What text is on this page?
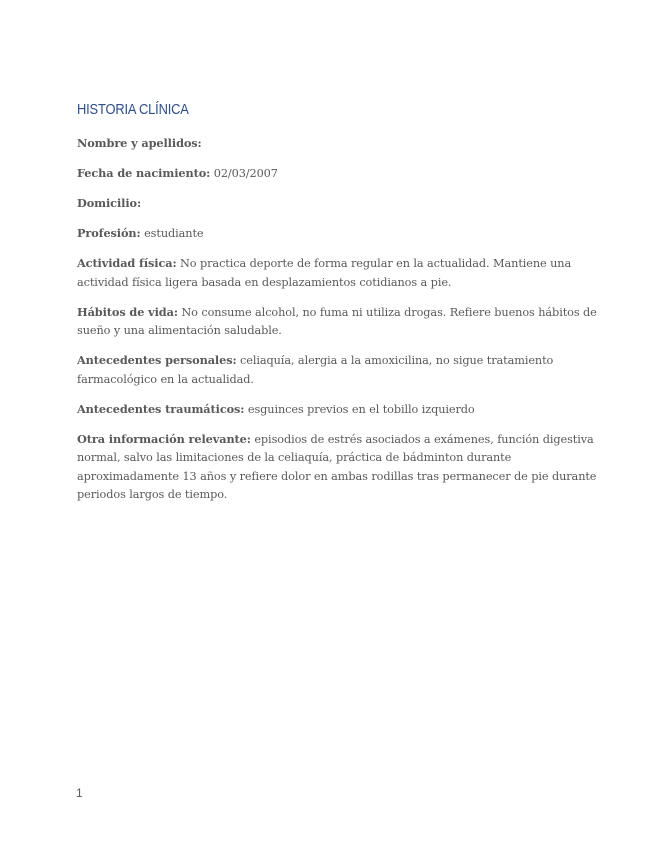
HISTORIA CLÍNICA

Nombre y apellidos:

Fecha de nacimiento: 02/03/2007

Domicilio:

Profesión: estudiante

Actividad física: No practica deporte de forma regular en la actualidad. Mantiene una actividad física ligera basada en desplazamientos cotidianos a pie.

Hábitos de vida: No consume alcohol, no fuma ni utiliza drogas. Refiere buenos hábitos de sueño y una alimentación saludable.

Antecedentes personales: celiaquía, alergia a la amoxicilina, no sigue tratamiento farmacológico en la actualidad.

Antecedentes traumáticos: esguinces previos en el tobillo izquierdo

Otra información relevante: episodios de estrés asociados a exámenes, función digestiva normal, salvo las limitaciones de la celiaquía, práctica de bádminton durante aproximadamente 13 años y refiere dolor en ambas rodillas tras permanecer de pie durante periodos largos de tiempo.

1
